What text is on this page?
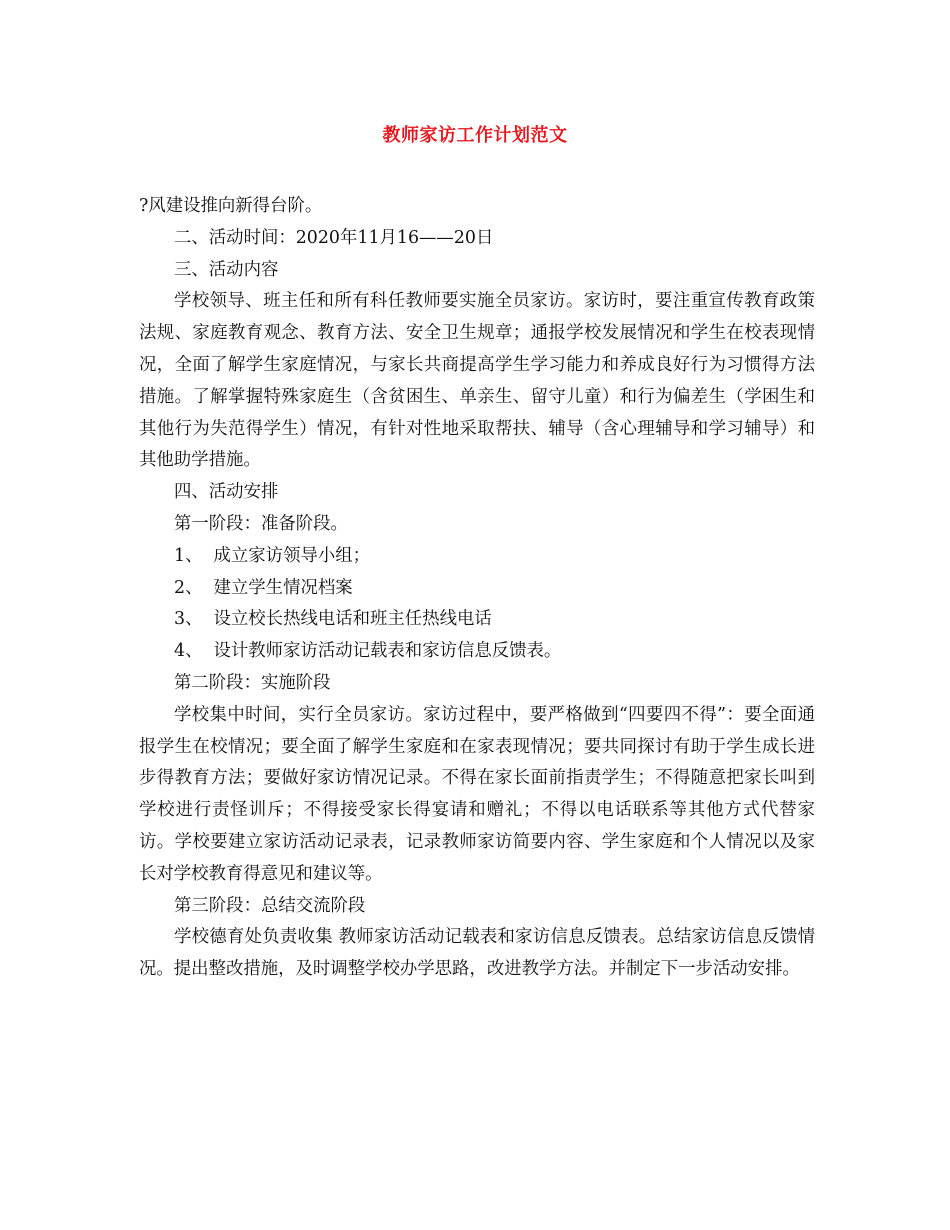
教师家访工作计划范文

?风建设推向新得台阶。

二、活动时间：2020年11月16——20日

三、活动内容

学校领导、班主任和所有科任教师要实施全员家访。家访时，要注重宣传教育政策法规、家庭教育观念、教育方法、安全卫生规章；通报学校发展情况和学生在校表现情况，全面了解学生家庭情况，与家长共商提高学生学习能力和养成良好行为习惯得方法措施。了解掌握特殊家庭生（含贫困生、单亲生、留守儿童）和行为偏差生（学困生和其他行为失范得学生）情况，有针对性地采取帮扶、辅导（含心理辅导和学习辅导）和其他助学措施。

四、活动安排

第一阶段：准备阶段。

1、  成立家访领导小组；

2、  建立学生情况档案

3、  设立校长热线电话和班主任热线电话

4、  设计教师家访活动记载表和家访信息反馈表。

第二阶段：实施阶段

学校集中时间，实行全员家访。家访过程中，要严格做到“四要四不得”：要全面通报学生在校情况；要全面了解学生家庭和在家表现情况；要共同探讨有助于学生成长进步得教育方法；要做好家访情况记录。不得在家长面前指责学生；不得随意把家长叫到学校进行责怪训斥；不得接受家长得宴请和赠礼；不得以电话联系等其他方式代替家访。学校要建立家访活动记录表，记录教师家访简要内容、学生家庭和个人情况以及家长对学校教育得意见和建议等。

第三阶段：总结交流阶段

学校德育处负责收集 教师家访活动记载表和家访信息反馈表。总结家访信息反馈情况。提出整改措施，及时调整学校办学思路，改进教学方法。并制定下一步活动安排。
